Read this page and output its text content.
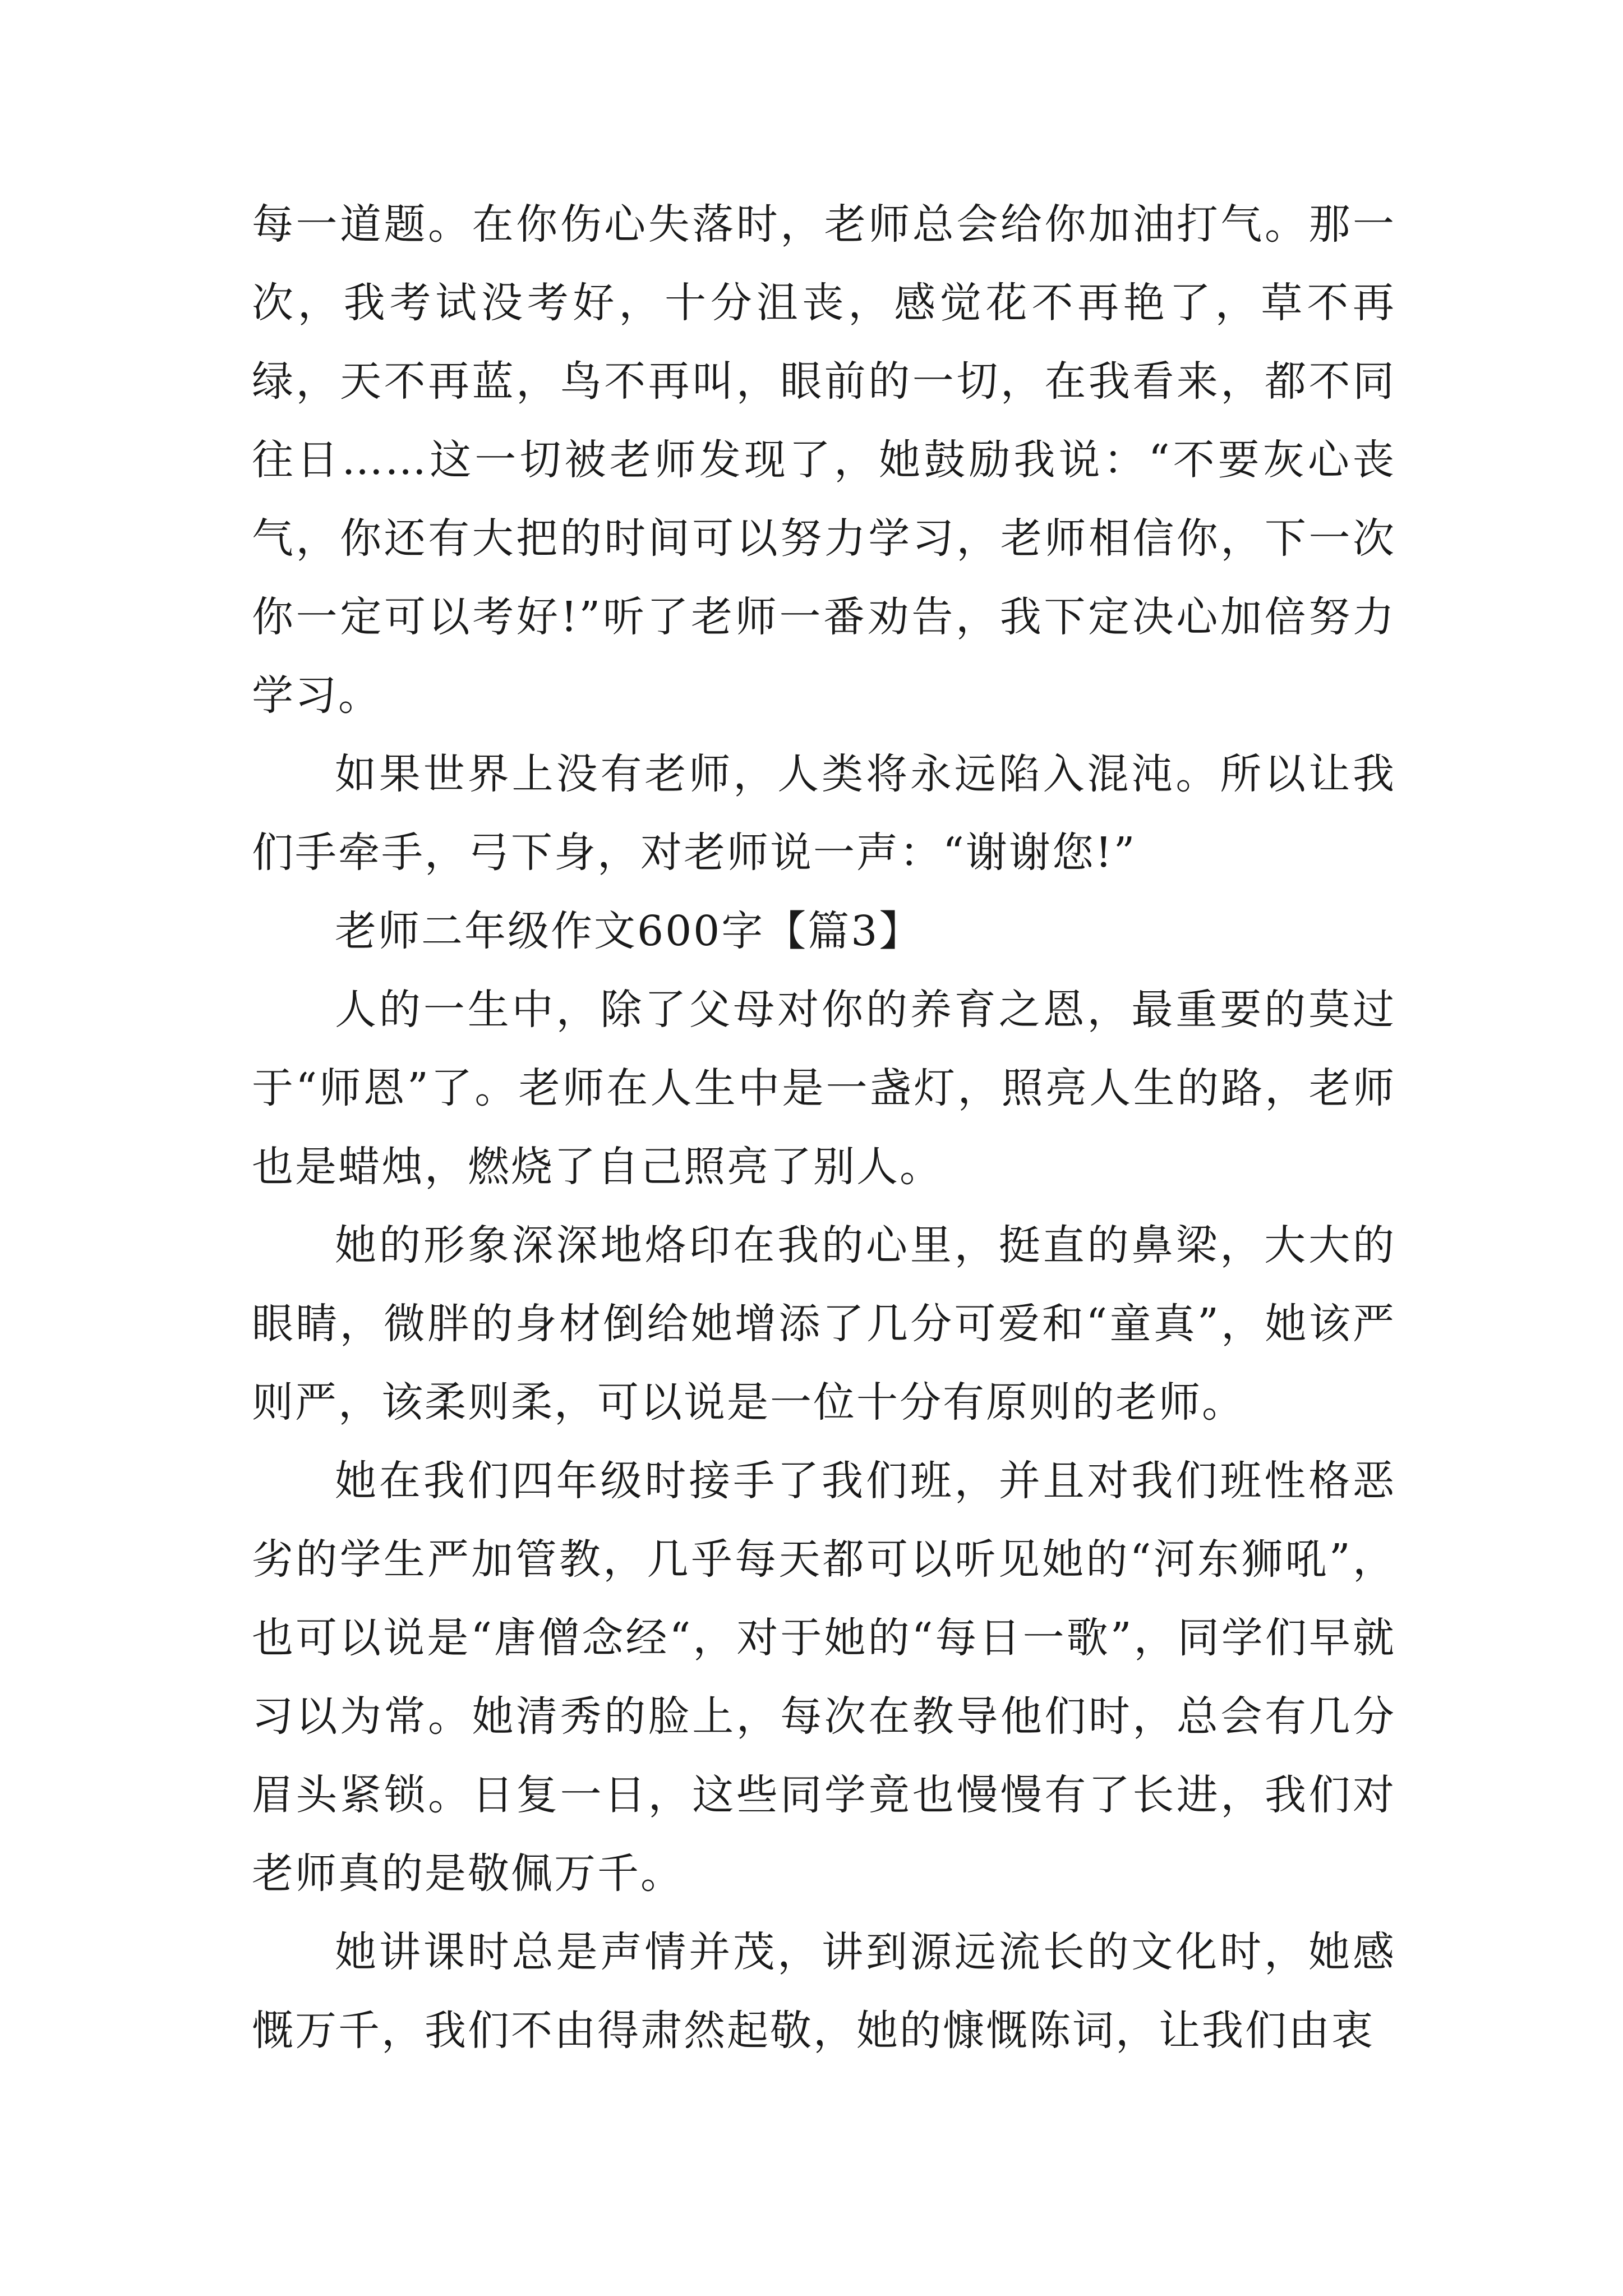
每一道题。在你伤心失落时，老师总会给你加油打气。那一次，我考试没考好，十分沮丧，感觉花不再艳了，草不再绿，天不再蓝，鸟不再叫，眼前的一切，在我看来，都不同往日……这一切被老师发现了，她鼓励我说：“不要灰心丧气，你还有大把的时间可以努力学习，老师相信你，下一次你一定可以考好!”听了老师一番劝告，我下定决心加倍努力学习。

如果世界上没有老师，人类将永远陷入混沌。所以让我们手牵手，弓下身，对老师说一声：“谢谢您!”

老师二年级作文600字【篇3】

人的一生中，除了父母对你的养育之恩，最重要的莫过于“师恩”了。老师在人生中是一盏灯，照亮人生的路，老师也是蜡烛，燃烧了自己照亮了别人。

她的形象深深地烙印在我的心里，挺直的鼻梁，大大的眼睛，微胖的身材倒给她增添了几分可爱和“童真”，她该严则严，该柔则柔，可以说是一位十分有原则的老师。

她在我们四年级时接手了我们班，并且对我们班性格恶劣的学生严加管教，几乎每天都可以听见她的“河东狮吼”，也可以说是“唐僧念经“，对于她的“每日一歌”，同学们早就习以为常。她清秀的脸上，每次在教导他们时，总会有几分眉头紧锁。日复一日，这些同学竟也慢慢有了长进，我们对老师真的是敬佩万千。

她讲课时总是声情并茂，讲到源远流长的文化时，她感慨万千，我们不由得肃然起敬，她的慷慨陈词，让我们由衷
